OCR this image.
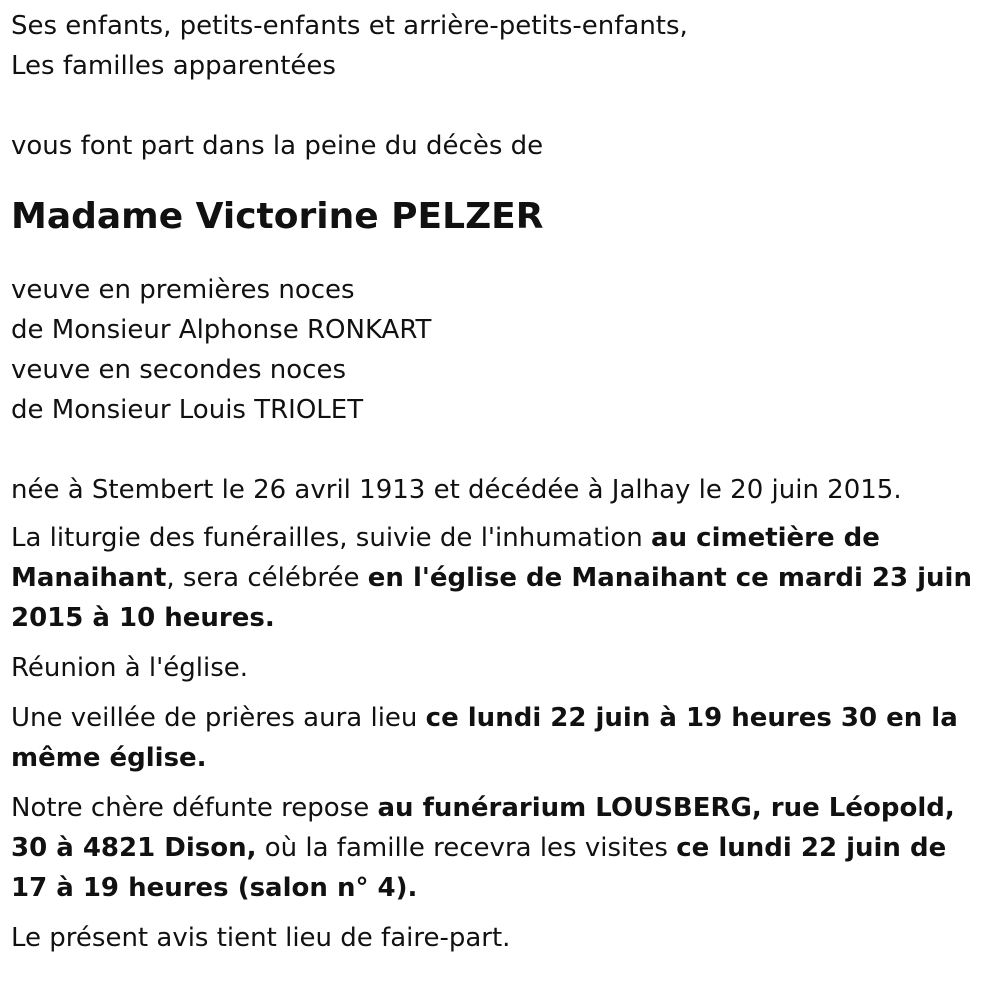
Ses enfants, petits-enfants et arrière-petits-enfants,

Les familles apparentées

vous font part dans la peine du décès de

Madame Victorine PELZER

veuve en premières noces

de Monsieur Alphonse RONKART

veuve en secondes noces

de Monsieur Louis TRIOLET

née à Stembert le 26 avril 1913 et décédée à Jalhay le 20 juin 2015.

La liturgie des funérailles, suivie de l'inhumation au cimetière de Manaihant, sera célébrée en l'église de Manaihant ce mardi 23 juin 2015 à 10 heures.

Réunion à l'église.

Une veillée de prières aura lieu ce lundi 22 juin à 19 heures 30 en la même église.

Notre chère défunte repose au funérarium LOUSBERG, rue Léopold, 30 à 4821 Dison, où la famille recevra les visites ce lundi 22 juin de 17 à 19 heures (salon n° 4).

Le présent avis tient lieu de faire-part.
